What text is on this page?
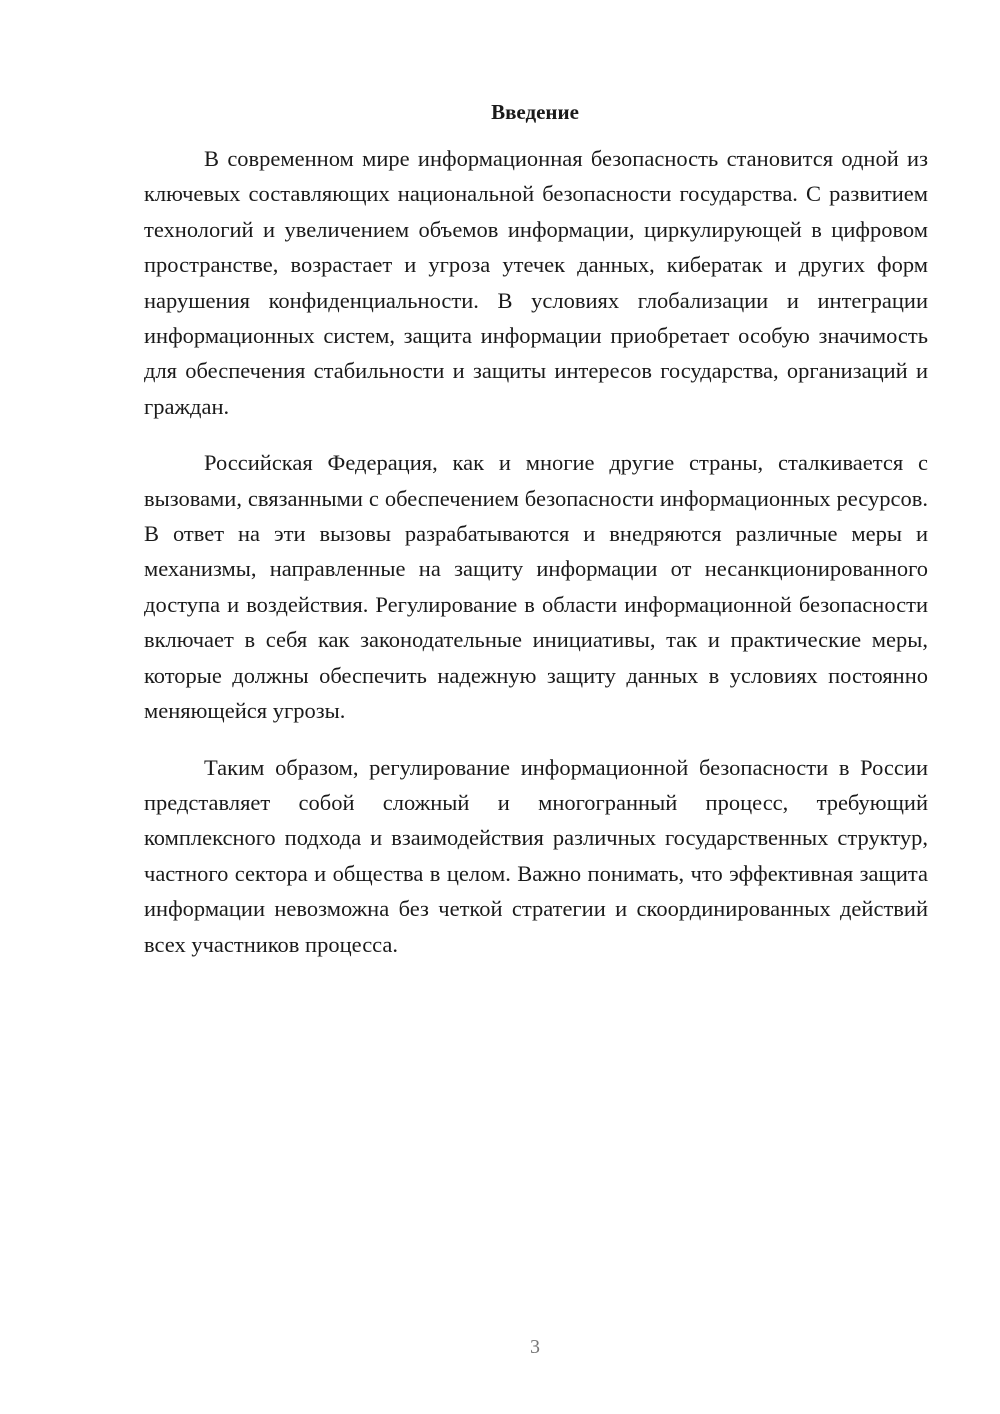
Введение

В современном мире информационная безопасность становится одной из ключевых составляющих национальной безопасности государства. С развитием технологий и увеличением объемов информации, циркулирующей в цифровом пространстве, возрастает и угроза утечек данных, кибератак и других форм нарушения конфиденциальности. В условиях глобализации и интеграции информационных систем, защита информации приобретает особую значимость для обеспечения стабильности и защиты интересов государства, организаций и граждан.

Российская Федерация, как и многие другие страны, сталкивается с вызовами, связанными с обеспечением безопасности информационных ресурсов. В ответ на эти вызовы разрабатываются и внедряются различные меры и механизмы, направленные на защиту информации от несанкционированного доступа и воздействия. Регулирование в области информационной безопасности включает в себя как законодательные инициативы, так и практические меры, которые должны обеспечить надежную защиту данных в условиях постоянно меняющейся угрозы.

Таким образом, регулирование информационной безопасности в России представляет собой сложный и многогранный процесс, требующий комплексного подхода и взаимодействия различных государственных структур, частного сектора и общества в целом. Важно понимать, что эффективная защита информации невозможна без четкой стратегии и скоординированных действий всех участников процесса.

3
